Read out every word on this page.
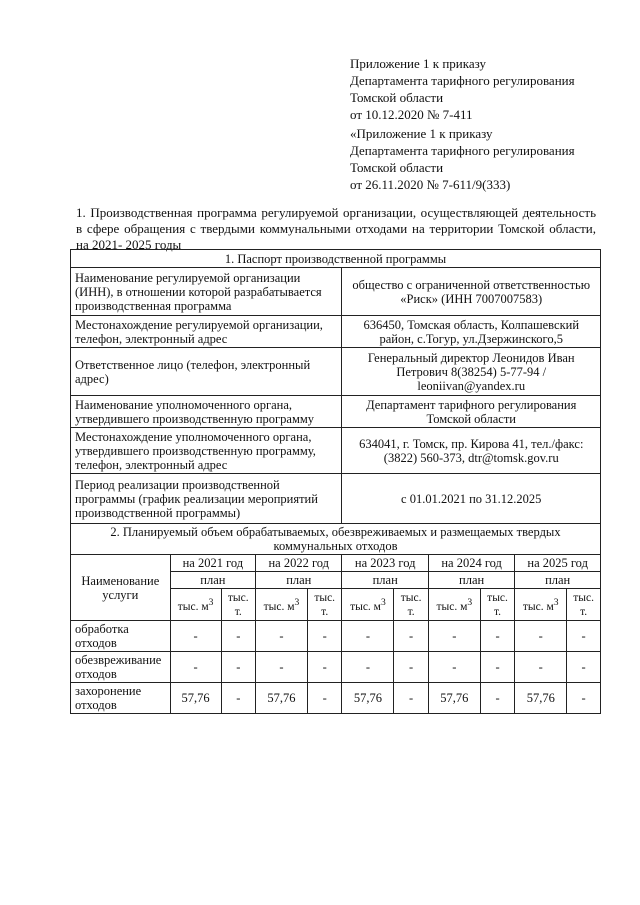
Приложение 1 к приказу
Департамента тарифного регулирования
Томской области
от 10.12.2020 № 7-411
«Приложение 1 к приказу
Департамента тарифного регулирования
Томской области
от 26.11.2020 № 7-611/9(333)
1. Производственная программа регулируемой организации, осуществляющей деятельность в сфере обращения с твердыми коммунальными отходами на территории Томской области, на 2021- 2025 годы
1. Паспорт производственной программы										
Наименование регулируемой организации (ИНН), в отношении которой разрабатывается производственная программа					общество с ограниченной ответственностью «Риск» (ИНН 7007007583)					
Местонахождение регулируемой организации, телефон, электронный адрес					636450, Томская область, Колпашевский район, с.Тогур, ул.Дзержинского,5					
Ответственное лицо (телефон, электронный адрес)					Генеральный директор Леонидов Иван Петрович 8(38254) 5-77-94 / leoniivan@yandex.ru					
Наименование уполномоченного органа, утвердившего производственную программу					Департамент тарифного регулирования Томской области					
Местонахождение уполномоченного органа, утвердившего производственную программу, телефон, электронный адрес					634041, г. Томск, пр. Кирова 41, тел./факс: (3822) 560-373, dtr@tomsk.gov.ru					
Период реализации производственной программы (график реализации мероприятий производственной программы)					с 01.01.2021 по 31.12.2025					
2. Планируемый объем обрабатываемых, обезвреживаемых и размещаемых твердых коммунальных отходов										
Наименование услуги	на 2021 год		на 2022 год		на 2023 год		на 2024 год		на 2025 год	
	план		план		план		план		план	
	тыс. $м^3$	тыс. т.	тыс. $м^3$	тыс. т.	тыс. $м^3$	тыс. т.	тыс. $м^3$	тыс. т.	тыс. $м^3$	тыс. т.
обработка отходов	-	-	-	-	-	-	-	-	-	-
обезвреживание отходов	-	-	-	-	-	-	-	-	-	-
захоронение отходов	57,76	-	57,76	-	57,76	-	57,76	-	57,76	-
